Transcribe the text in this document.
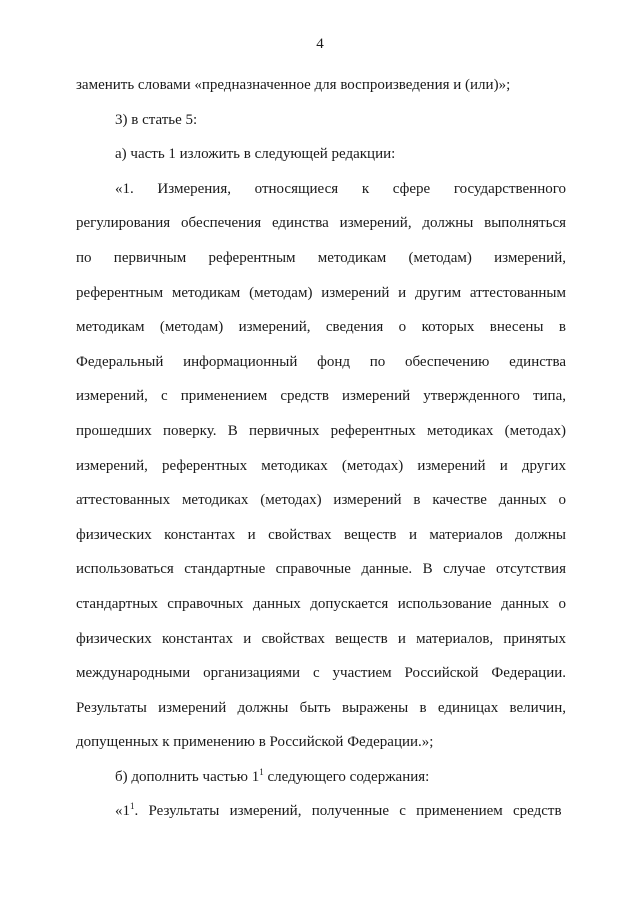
4
заменить словами «предназначенное для воспроизведения и (или)»;
3) в статье 5:
а) часть 1 изложить в следующей редакции:
«1. Измерения, относящиеся к сфере государственного
регулирования обеспечения единства измерений, должны выполняться
по первичным референтным методикам (методам) измерений,
референтным методикам (методам) измерений и другим аттестованным
методикам (методам) измерений, сведения о которых внесены в
Федеральный информационный фонд по обеспечению единства
измерений, с применением средств измерений утвержденного типа,
прошедших поверку. В первичных референтных методиках (методах)
измерений, референтных методиках (методах) измерений и других
аттестованных методиках (методах) измерений в качестве данных о
физических константах и свойствах веществ и материалов должны
использоваться стандартные справочные данные. В случае отсутствия
стандартных справочных данных допускается использование данных о
физических константах и свойствах веществ и материалов, принятых
международными организациями с участием Российской Федерации.
Результаты измерений должны быть выражены в единицах величин,
допущенных к применению в Российской Федерации.»;
б) дополнить частью $1^1$ следующего содержания:
«$1^1$. Результаты измерений, полученные с применением средств
